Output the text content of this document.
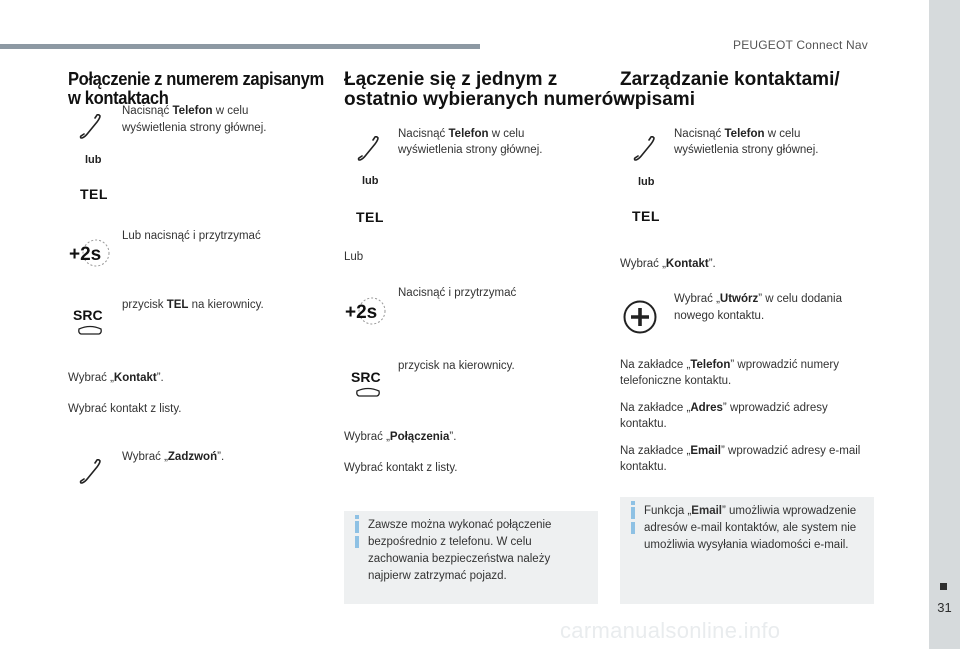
PEUGEOT Connect Nav
31
carmanualsonline.info
Połączenie z numerem zapisanym
w kontaktach
Nacisnąć Telefon w celu
wyświetlenia strony głównej.
lub
TEL
+2s
Lub nacisnąć i przytrzymać
SRC
przycisk TEL na kierownicy.
Wybrać „Kontakt”.
Wybrać kontakt z listy.
Wybrać „Zadzwoń”.
Łączenie się z jednym z
ostatnio wybieranych numerów
Nacisnąć Telefon w celu
wyświetlenia strony głównej.
lub
TEL
Lub
+2s
Nacisnąć i przytrzymać
SRC
przycisk na kierownicy.
Wybrać „Połączenia”.
Wybrać kontakt z listy.
Zawsze można wykonać połączenie
bezpośrednio z telefonu. W celu
zachowania bezpieczeństwa należy
najpierw zatrzymać pojazd.
Zarządzanie kontaktami/
wpisami
Nacisnąć Telefon w celu
wyświetlenia strony głównej.
lub
TEL
Wybrać „Kontakt”.
Wybrać „Utwórz” w celu dodania
nowego kontaktu.
Na zakładce „Telefon” wprowadzić numery
telefoniczne kontaktu.
Na zakładce „Adres” wprowadzić adresy
kontaktu.
Na zakładce „Email” wprowadzić adresy e-mail
kontaktu.
Funkcja „Email” umożliwia wprowadzenie
adresów e-mail kontaktów, ale system nie
umożliwia wysyłania wiadomości e-mail.
